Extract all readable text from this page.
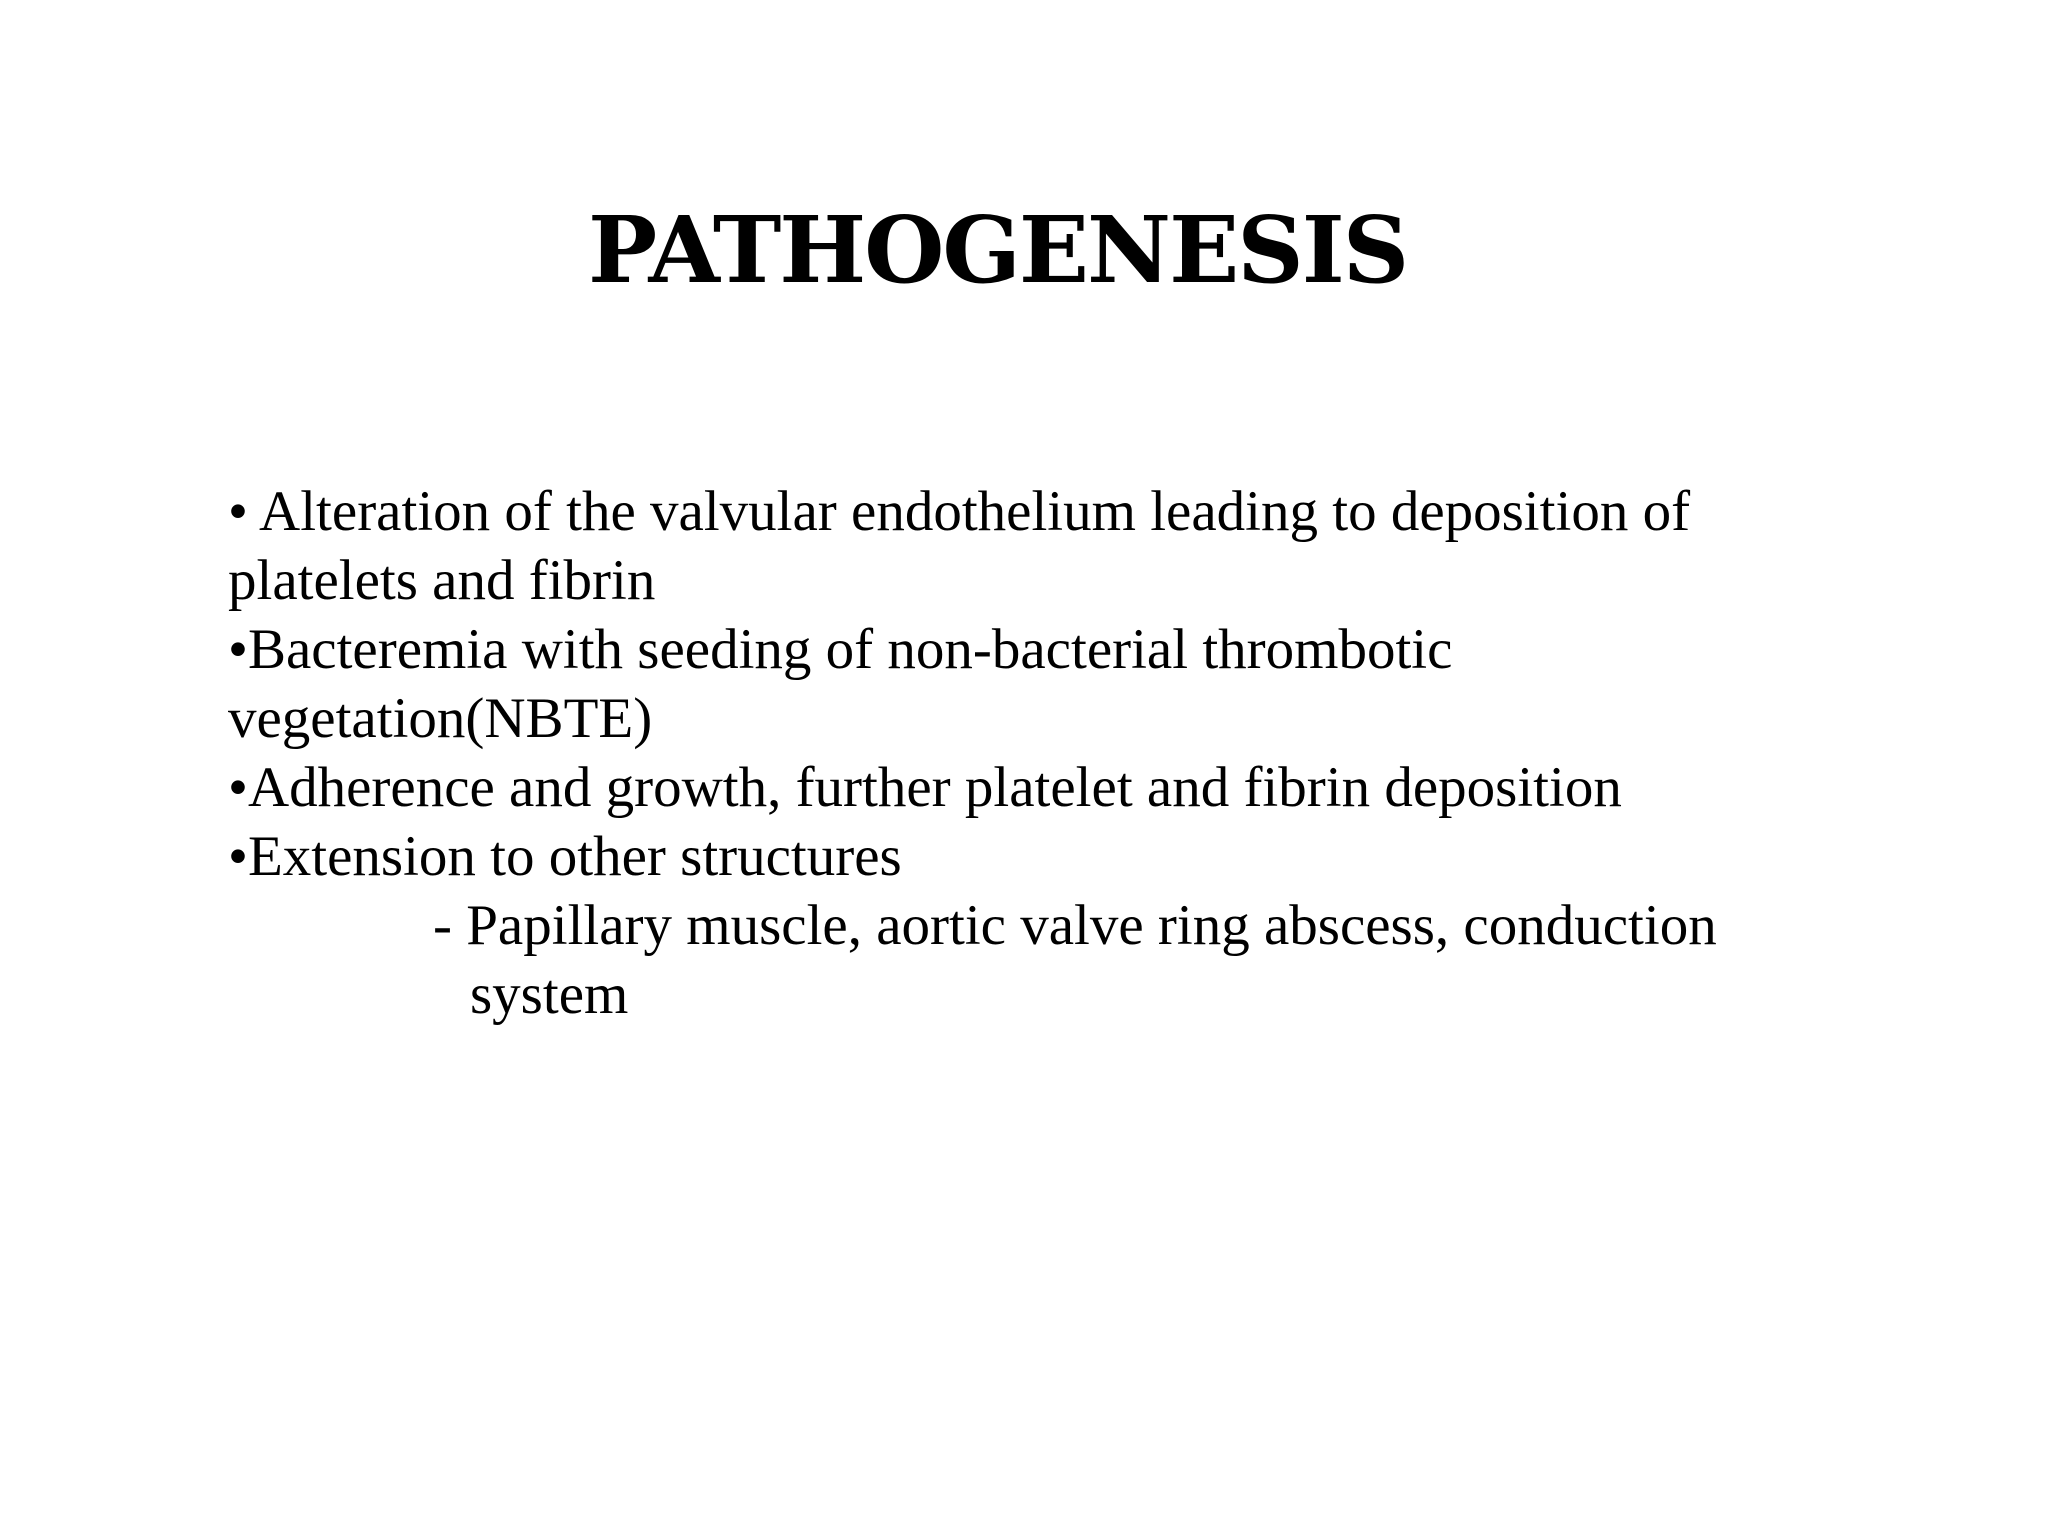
PATHOGENESIS

• Alteration of the valvular endothelium leading to deposition of

platelets and fibrin

•Bacteremia with seeding of non-bacterial thrombotic

vegetation(NBTE)

•Adherence and growth, further platelet and fibrin deposition

•Extension to other structures

- Papillary muscle, aortic valve ring abscess, conduction

system
